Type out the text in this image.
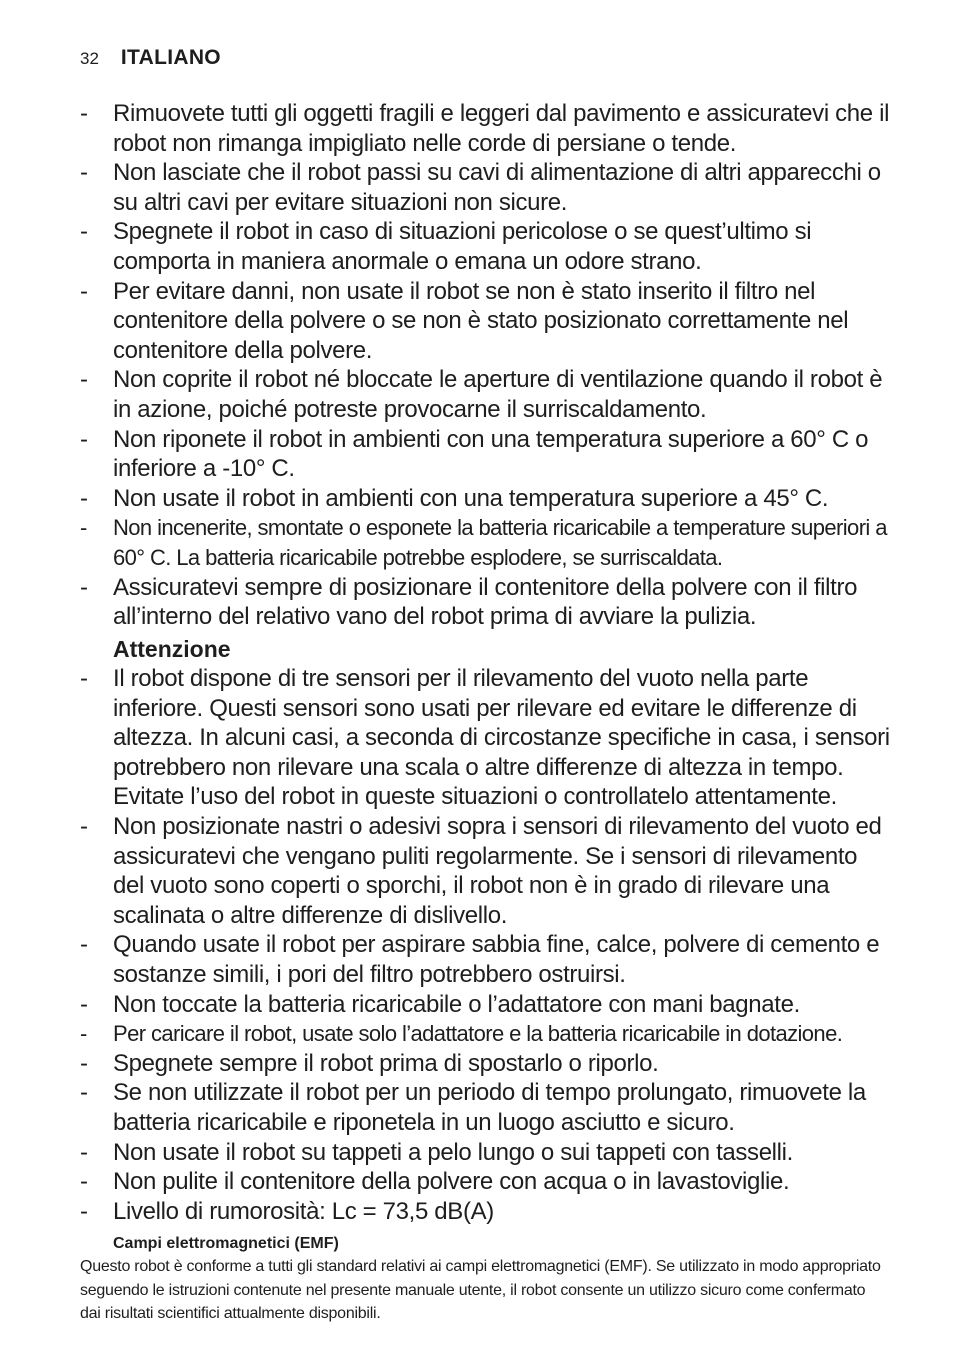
32 ITALIANO
- Rimuovete tutti gli oggetti fragili e leggeri dal pavimento e assicuratevi che il robot non rimanga impigliato nelle corde di persiane o tende.
- Non lasciate che il robot passi su cavi di alimentazione di altri apparecchi o su altri cavi per evitare situazioni non sicure.
- Spegnete il robot in caso di situazioni pericolose o se quest’ultimo si comporta in maniera anormale o emana un odore strano.
- Per evitare danni, non usate il robot se non è stato inserito il filtro nel contenitore della polvere o se non è stato posizionato correttamente nel contenitore della polvere.
- Non coprite il robot né bloccate le aperture di ventilazione quando il robot è in azione, poiché potreste provocarne il surriscaldamento.
- Non riponete il robot in ambienti con una temperatura superiore a 60° C o inferiore a -10° C.
- Non usate il robot in ambienti con una temperatura superiore a 45° C.
- Non incenerite, smontate o esponete la batteria ricaricabile a temperature superiori a 60° C. La batteria ricaricabile potrebbe esplodere, se surriscaldata.
- Assicuratevi sempre di posizionare il contenitore della polvere con il filtro all’interno del relativo vano del robot prima di avviare la pulizia.
Attenzione
- Il robot dispone di tre sensori per il rilevamento del vuoto nella parte inferiore. Questi sensori sono usati per rilevare ed evitare le differenze di altezza. In alcuni casi, a seconda di circostanze specifiche in casa, i sensori potrebbero non rilevare una scala o altre differenze di altezza in tempo. Evitate l’uso del robot in queste situazioni o controllatelo attentamente.
- Non posizionate nastri o adesivi sopra i sensori di rilevamento del vuoto ed assicuratevi che vengano puliti regolarmente. Se i sensori di rilevamento del vuoto sono coperti o sporchi, il robot non è in grado di rilevare una scalinata o altre differenze di dislivello.
- Quando usate il robot per aspirare sabbia fine, calce, polvere di cemento e sostanze simili, i pori del filtro potrebbero ostruirsi.
- Non toccate la batteria ricaricabile o l’adattatore con mani bagnate.
- Per caricare il robot, usate solo l’adattatore e la batteria ricaricabile in dotazione.
- Spegnete sempre il robot prima di spostarlo o riporlo.
- Se non utilizzate il robot per un periodo di tempo prolungato, rimuovete la batteria ricaricabile e riponetela in un luogo asciutto e sicuro.
- Non usate il robot su tappeti a pelo lungo o sui tappeti con tasselli.
- Non pulite il contenitore della polvere con acqua o in lavastoviglie.
- Livello di rumorosità: Lc = 73,5 dB(A)
Campi elettromagnetici (EMF)
Questo robot è conforme a tutti gli standard relativi ai campi elettromagnetici (EMF). Se utilizzato in modo appropriato seguendo le istruzioni contenute nel presente manuale utente, il robot consente un utilizzo sicuro come confermato dai risultati scientifici attualmente disponibili.
